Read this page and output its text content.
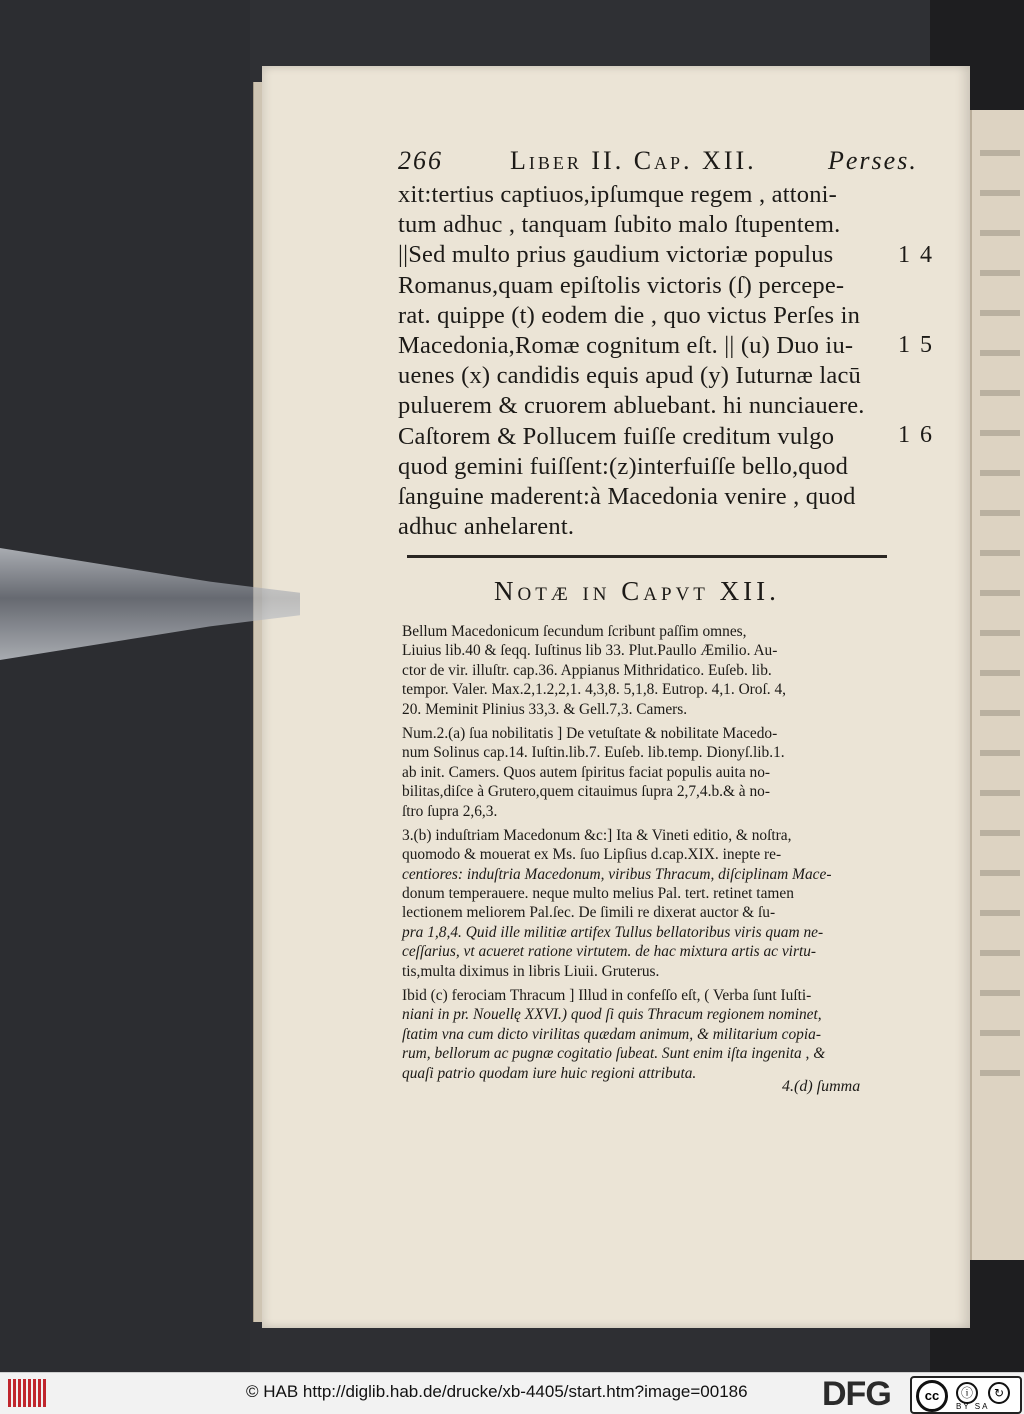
266	Liber II. Cap. XII.	Perses.
xit:tertius captiuos,ipſumque regem , attoni-
tum adhuc , tanquam ſubito malo ſtupentem.
||Sed multo prius gaudium victoriæ populus
Romanus,quam epiſtolis victoris (ſ) percepe-
rat. quippe (t) eodem die , quo victus Perſes in
Macedonia,Romæ cognitum eſt. || (u) Duo iu-
uenes (x) candidis equis apud (y) Iuturnæ lacū
puluerem & cruorem abluebant. hi nunciauere.
Caſtorem & Pollucem fuiſſe creditum vulgo
quod gemini fuiſſent:(z)interfuiſſe bello,quod
ſanguine maderent:à Macedonia venire , quod
adhuc anhelarent.
14
15
16
Notæ in Capvt XII.
Bellum Macedonicum ſecundum ſcribunt paſſim omnes,
Liuius lib.40 & ſeqq. Iuſtinus lib 33. Plut.Paullo Æmilio. Au-
ctor de vir. illuſtr. cap.36. Appianus Mithridatico. Euſeb. lib.
tempor. Valer. Max.2,1.2,2,1. 4,3,8. 5,1,8. Eutrop. 4,1. Oroſ. 4,
20. Meminit Plinius 33,3. & Gell.7,3. Camers.
Num.2.(a) ſua nobilitatis ] De vetuſtate & nobilitate Macedo-
num Solinus cap.14. Iuſtin.lib.7. Euſeb. lib.temp. Dionyſ.lib.1.
ab init. Camers. Quos autem ſpiritus faciat populis auita no-
bilitas,diſce à Grutero,quem citauimus ſupra 2,7,4.b.& à no-
ſtro ſupra 2,6,3.
3.(b) induſtriam Macedonum &c:] Ita & Vineti editio, & noſtra,
quomodo & mouerat ex Ms. ſuo Lipſius d.cap.XIX. inepte re-
centiores: induſtria Macedonum, viribus Thracum, diſciplinam Mace-
donum temperauere. neque multo melius Pal. tert. retinet tamen
lectionem meliorem Pal.ſec. De ſimili re dixerat auctor & ſu-
pra 1,8,4. Quid ille militiæ artifex Tullus bellatoribus viris quam ne-
ceſſarius, vt acueret ratione virtutem. de hac mixtura artis ac virtu-
tis,multa diximus in libris Liuii. Gruterus.
Ibid (c) ferociam Thracum ] Illud in confeſſo eſt, ( Verba ſunt Iuſti-
niani in pr. Nouellę XXVI.) quod ſi quis Thracum regionem nominet,
ſtatim vna cum dicto virilitas quædam animum, & militarium copia-
rum, bellorum ac pugnæ cogitatio ſubeat. Sunt enim iſta ingenita , &
quaſi patrio quodam iure huic regioni attributa.
4.(d) ſumma
© HAB http://diglib.hab.de/drucke/xb-4405/start.htm?image=00186 DFG	cc	ⓘ	↻
BY SA
